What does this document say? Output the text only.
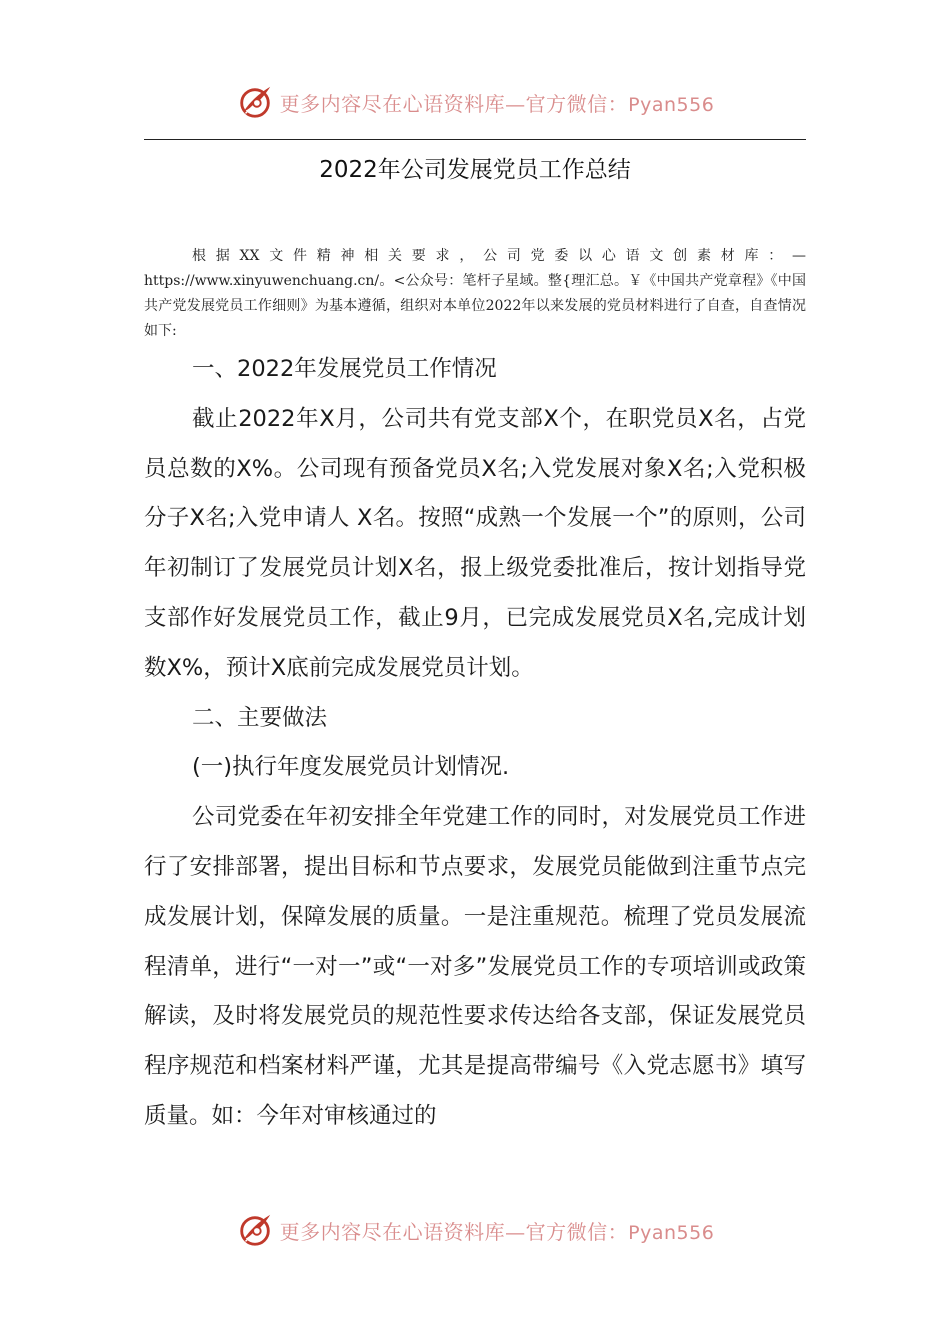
更多内容尽在心语资料库—官方微信：Pyan556
2022年公司发展党员工作总结

根据XX文件精神相关要求，公司党委以心语文创素材库：— https://www.xinyuwenchuang.cn/。<公众号：笔杆子星域。整{理汇总。￥《中国共产党章程》《中国共产党发展党员工作细则》为基本遵循，组织对本单位2022年以来发展的党员材料进行了自查，自查情况如下:

一、2022年发展党员工作情况

截止2022年X月，公司共有党支部X个，在职党员X名，占党员总数的X%。公司现有预备党员X名;入党发展对象X名;入党积极分子X名;入党申请人 X名。按照“成熟一个发展一个”的原则，公司年初制订了发展党员计划X名，报上级党委批准后，按计划指导党支部作好发展党员工作，截止9月，已完成发展党员X名,完成计划数X%，预计X底前完成发展党员计划。

二、主要做法

(一)执行年度发展党员计划情况.

公司党委在年初安排全年党建工作的同时，对发展党员工作进行了安排部署，提出目标和节点要求，发展党员能做到注重节点完成发展计划，保障发展的质量。一是注重规范。梳理了党员发展流程清单，进行“一对一”或“一对多”发展党员工作的专项培训或政策解读，及时将发展党员的规范性要求传达给各支部，保证发展党员程序规范和档案材料严谨，尤其是提高带编号《入党志愿书》填写质量。如：今年对审核通过的

更多内容尽在心语资料库—官方微信：Pyan556
